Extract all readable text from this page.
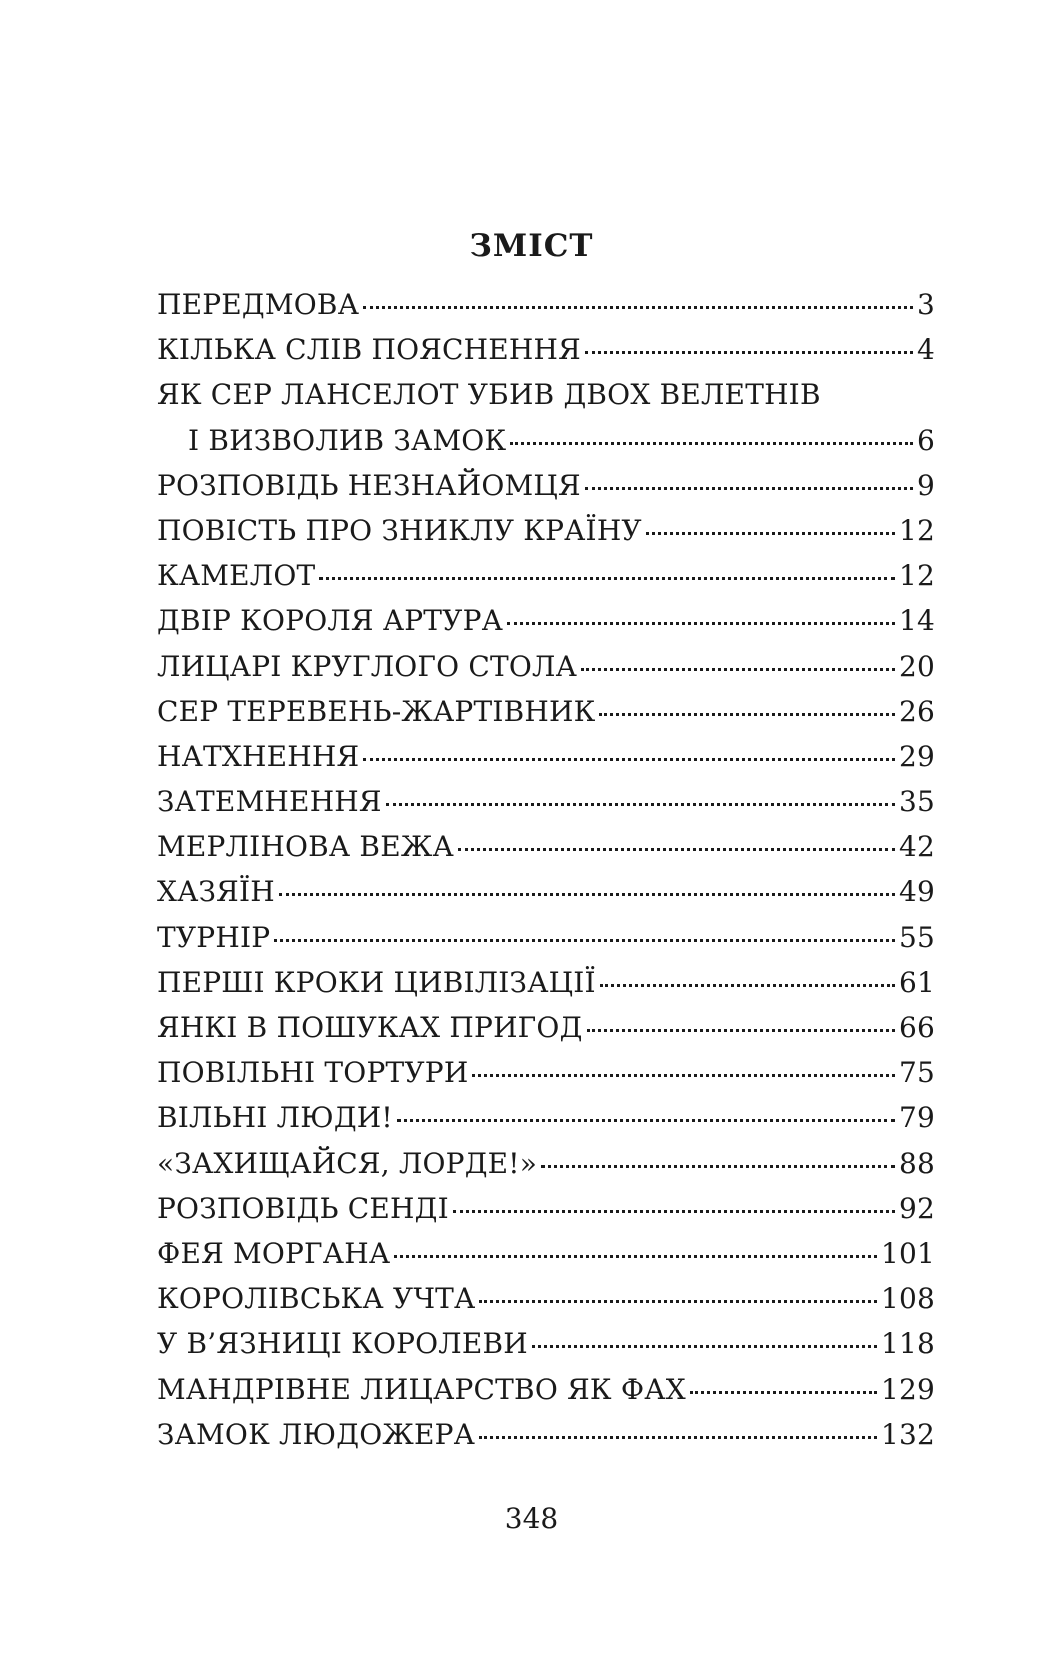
ЗМІСТ
ПЕРЕДМОВА	3
КІЛЬКА СЛІВ ПОЯСНЕННЯ	4
ЯК СЕР ЛАНСЕЛОТ УБИВ ДВОХ ВЕЛЕТНІВ
І ВИЗВОЛИВ ЗАМОК	6
РОЗПОВІДЬ НЕЗНАЙОМЦЯ	9
ПОВІСТЬ ПРО ЗНИКЛУ КРАЇНУ	12
КАМЕЛОТ	12
ДВІР КОРОЛЯ АРТУРА	14
ЛИЦАРІ КРУГЛОГО СТОЛА	20
СЕР ТЕРЕВЕНЬ-ЖАРТІВНИК	26
НАТХНЕННЯ	29
ЗАТЕМНЕННЯ	35
МЕРЛІНОВА ВЕЖА	42
ХАЗЯЇН	49
ТУРНІР	55
ПЕРШІ КРОКИ ЦИВІЛІЗАЦІЇ	61
ЯНКІ В ПОШУКАХ ПРИГОД	66
ПОВІЛЬНІ ТОРТУРИ	75
ВІЛЬНІ ЛЮДИ!	79
«ЗАХИЩАЙСЯ, ЛОРДЕ!»	88
РОЗПОВІДЬ СЕНДІ	92
ФЕЯ МОРГАНА	101
КОРОЛІВСЬКА УЧТА	108
У В’ЯЗНИЦІ КОРОЛЕВИ	118
МАНДРІВНЕ ЛИЦАРСТВО ЯК ФАХ	129
ЗАМОК ЛЮДОЖЕРА	132
348
